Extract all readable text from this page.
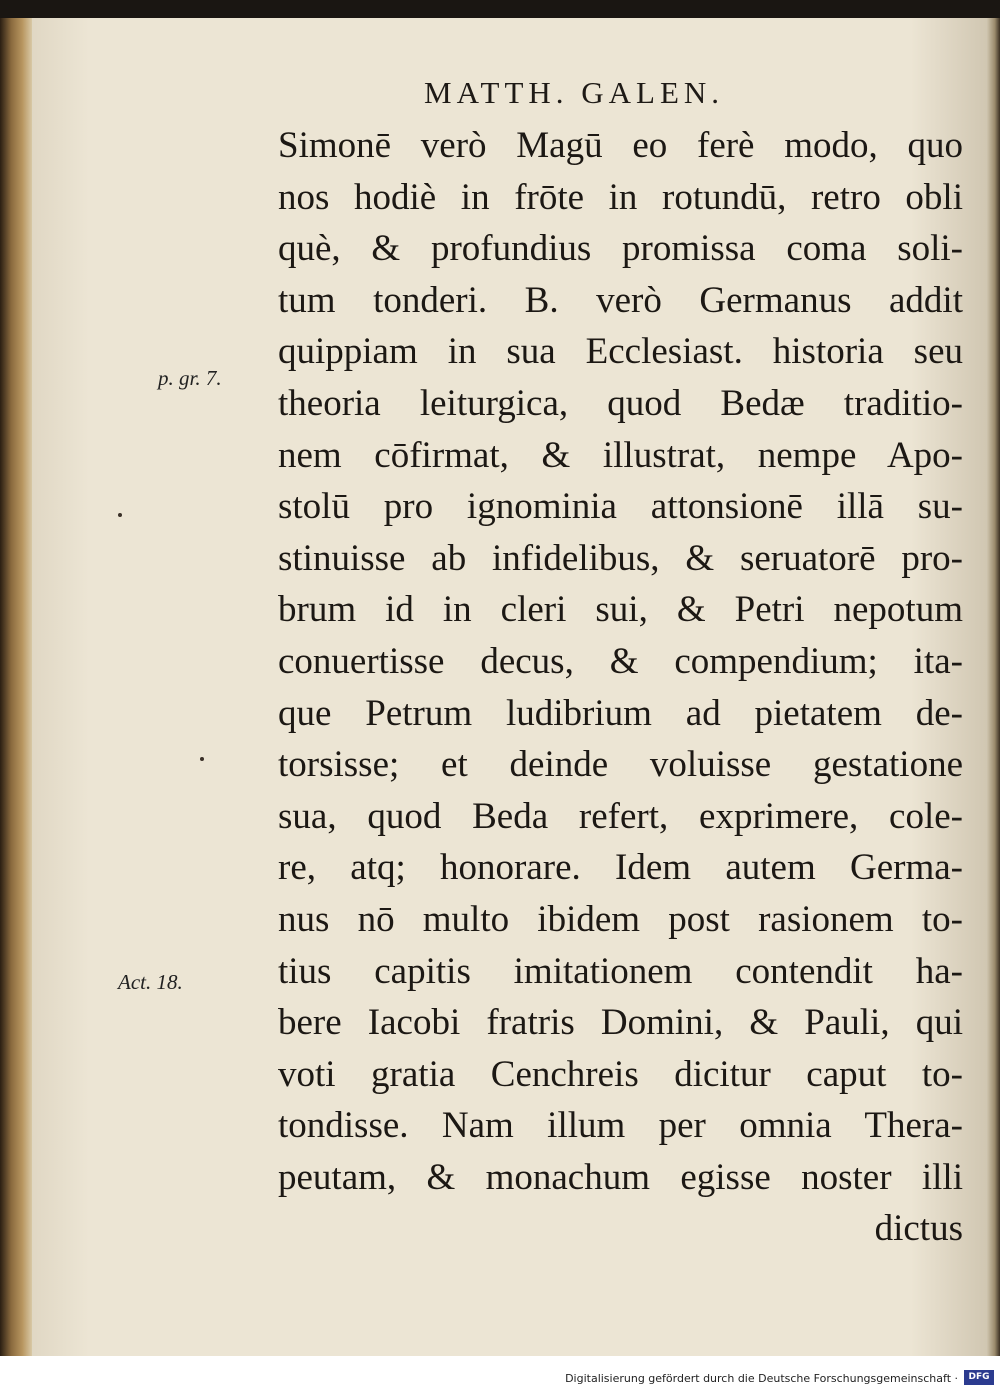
MATTH. GALEN.
p. gr. 7.
Act. 18.
Simonē verò Magū eo ferè modo, quo
nos hodiè in frōte in rotundū, retro obli
què, & profundius promissa coma soli-
tum tonderi. B. verò Germanus addit
quippiam in sua Ecclesiast. historia seu
theoria leiturgica, quod Bedæ traditio-
nem cōfirmat, & illustrat, nempe Apo-
stolū pro ignominia attonsionē illā su-
stinuisse ab infidelibus, & seruatorē pro-
brum id in cleri sui, & Petri nepotum
conuertisse decus, & compendium; ita-
que Petrum ludibrium ad pietatem de-
torsisse; et deinde voluisse gestatione
sua, quod Beda refert, exprimere, cole-
re, atq; honorare. Idem autem Germa-
nus nō multo ibidem post rasionem to-
tius capitis imitationem contendit ha-
bere Iacobi fratris Domini, & Pauli, qui
voti gratia Cenchreis dicitur caput to-
tondisse. Nam illum per omnia Thera-
peutam, & monachum egisse noster illi
dictus
Digitalisierung gefördert durch die Deutsche Forschungsgemeinschaft ·	DFG
